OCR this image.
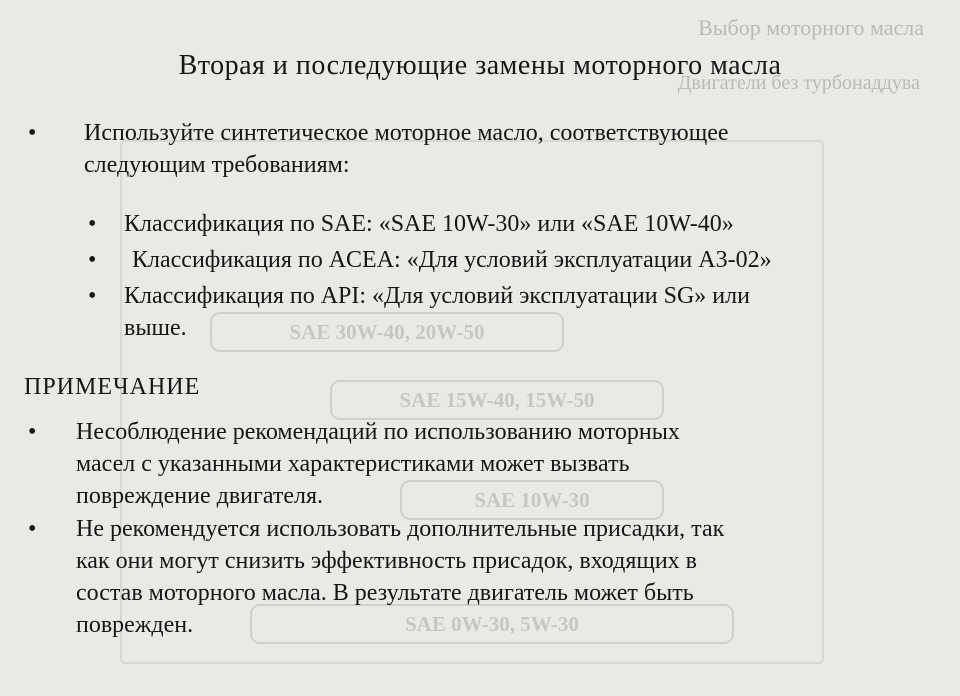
Выбор моторного масла
Двигатели без турбонаддува
SAE 30W-40, 20W-50
SAE 15W-40, 15W-50
SAE 10W-30
SAE 0W-30, 5W-30
Вторая и последующие замены моторного масла
• Используйте синтетическое моторное масло, соответствующее
следующим требованиям:
• Классификация по SAE: «SAE 10W-30» или «SAE 10W-40»
• Классификация по ACEA: «Для условий эксплуатации A3-02»
• Классификация по API: «Для условий эксплуатации SG» или
выше.
ПРИМЕЧАНИЕ
• Несоблюдение рекомендаций по использованию моторных
масел с указанными характеристиками может вызвать
повреждение двигателя.
• Не рекомендуется использовать дополнительные присадки, так
как они могут снизить эффективность присадок, входящих в
состав моторного масла. В результате двигатель может быть
поврежден.
